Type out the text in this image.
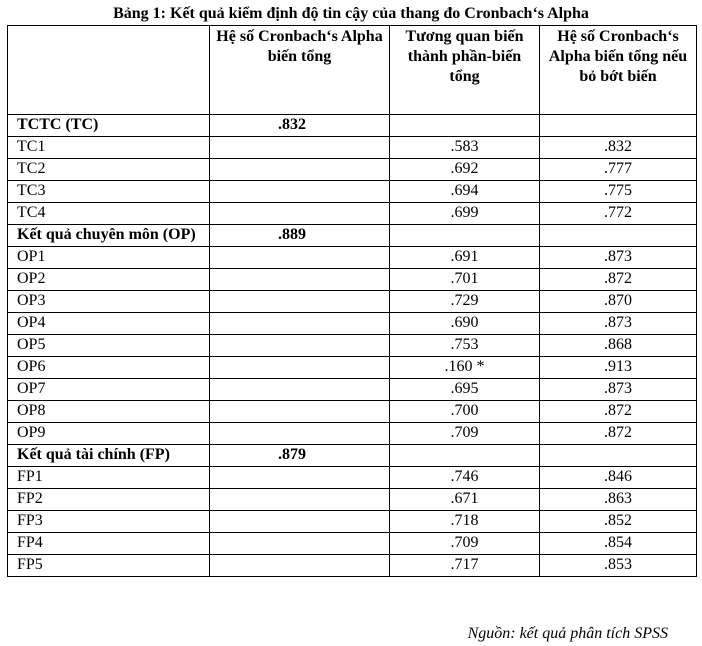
Bảng 1: Kết quả kiểm định độ tin cậy của thang đo Cronbach‘s Alpha
	Hệ số Cronbach‘s Alpha biến tổng	Tương quan biến thành phần-biến tổng	Hệ số Cronbach‘s Alpha biến tổng nếu bỏ bớt biến
TCTC (TC)	.832		
TC1		.583	.832
TC2		.692	.777
TC3		.694	.775
TC4		.699	.772
Kết quả chuyên môn (OP)	.889		
OP1		.691	.873
OP2		.701	.872
OP3		.729	.870
OP4		.690	.873
OP5		.753	.868
OP6		.160 *	.913
OP7		.695	.873
OP8		.700	.872
OP9		.709	.872
Kết quả tài chính (FP)	.879		
FP1		.746	.846
FP2		.671	.863
FP3		.718	.852
FP4		.709	.854
FP5		.717	.853
Nguồn: kết quả phân tích SPSS
